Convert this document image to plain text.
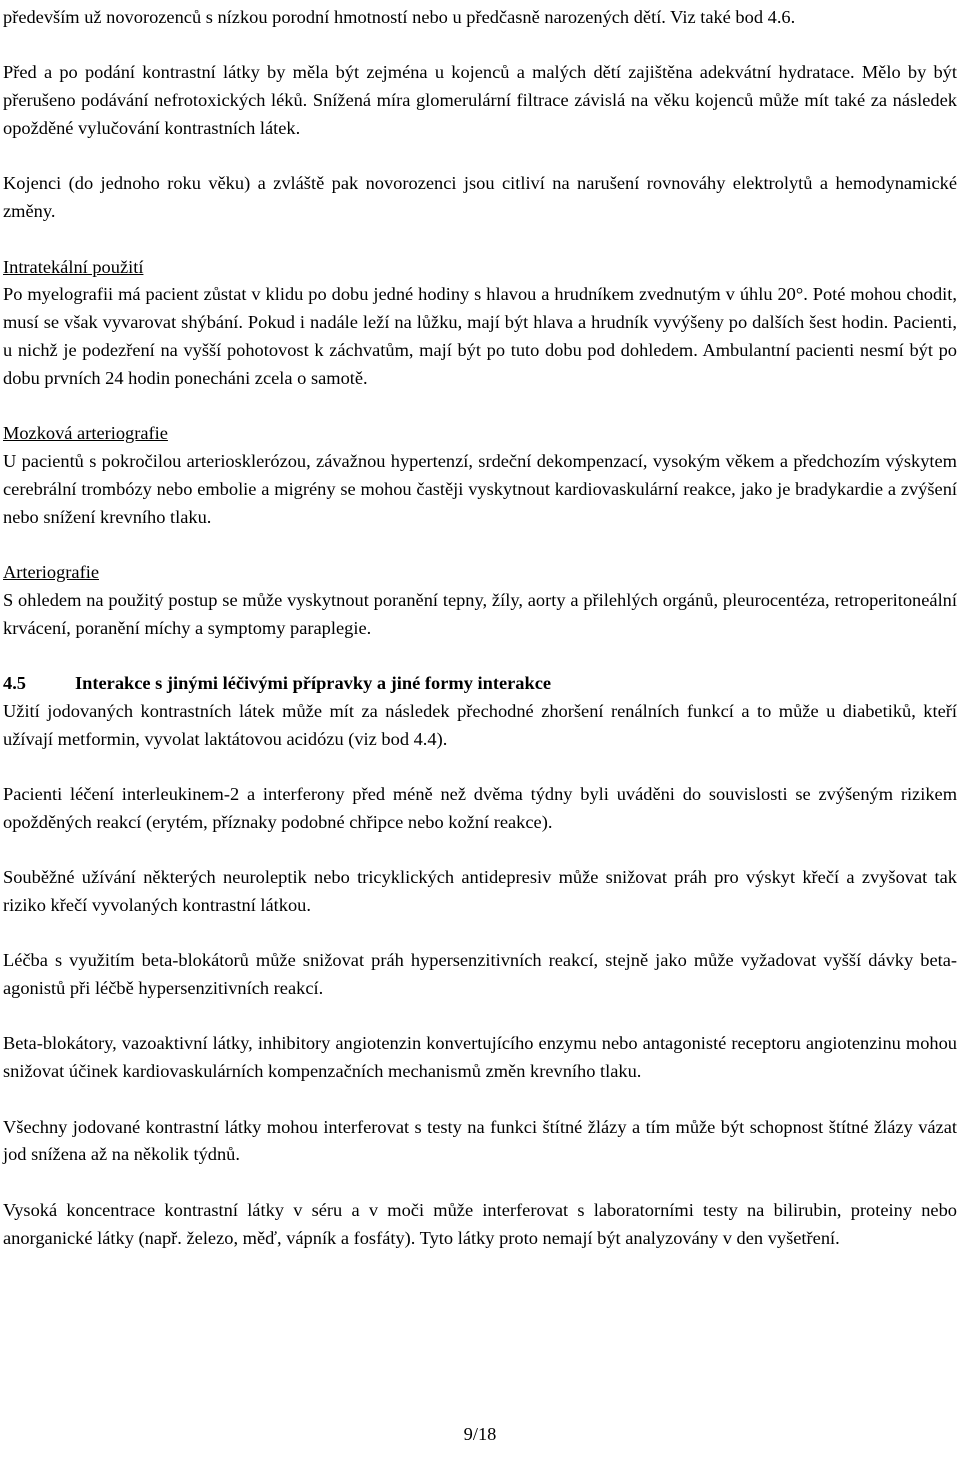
především už novorozenců s nízkou porodní hmotností nebo u předčasně narozených dětí. Viz také bod 4.6.

Před a po podání kontrastní látky by měla být zejména u kojenců a malých dětí zajištěna adekvátní hydratace. Mělo by být přerušeno podávání nefrotoxických léků. Snížená míra glomerulární filtrace závislá na věku kojenců může mít také za následek opožděné vylučování kontrastních látek.

Kojenci (do jednoho roku věku) a zvláště pak novorozenci jsou citliví na narušení rovnováhy elektrolytů a hemodynamické změny.

Intratekální použití

Po myelografii má pacient zůstat v klidu po dobu jedné hodiny s hlavou a hrudníkem zvednutým v úhlu 20°. Poté mohou chodit, musí se však vyvarovat shýbání. Pokud i nadále leží na lůžku, mají být hlava a hrudník vyvýšeny po dalších šest hodin. Pacienti, u nichž je podezření na vyšší pohotovost k záchvatům, mají být po tuto dobu pod dohledem. Ambulantní pacienti nesmí být po dobu prvních 24 hodin ponecháni zcela o samotě.

Mozková arteriografie

U pacientů s pokročilou arteriosklerózou, závažnou hypertenzí, srdeční dekompenzací, vysokým věkem a předchozím výskytem cerebrální trombózy nebo embolie a migrény se mohou častěji vyskytnout kardiovaskulární reakce, jako je bradykardie a zvýšení nebo snížení krevního tlaku.

Arteriografie

S ohledem na použitý postup se může vyskytnout poranění tepny, žíly, aorty a přilehlých orgánů, pleurocentéza, retroperitoneální krvácení, poranění míchy a symptomy paraplegie.

4.5	Interakce s jinými léčivými přípravky a jiné formy interakce

Užití jodovaných kontrastních látek může mít za následek přechodné zhoršení renálních funkcí a to může u diabetiků, kteří užívají metformin, vyvolat laktátovou acidózu (viz bod 4.4).

Pacienti léčení interleukinem-2 a interferony před méně než dvěma týdny byli uváděni do souvislosti se zvýšeným rizikem opožděných reakcí (erytém, příznaky podobné chřipce nebo kožní reakce).

Souběžné užívání některých neuroleptik nebo tricyklických antidepresiv může snižovat práh pro výskyt křečí a zvyšovat tak riziko křečí vyvolaných kontrastní látkou.

Léčba s využitím beta-blokátorů může snižovat práh hypersenzitivních reakcí, stejně jako může vyžadovat vyšší dávky beta-agonistů při léčbě hypersenzitivních reakcí.

Beta-blokátory, vazoaktivní látky, inhibitory angiotenzin konvertujícího enzymu nebo antagonisté receptoru angiotenzinu mohou snižovat účinek kardiovaskulárních kompenzačních mechanismů změn krevního tlaku.

Všechny jodované kontrastní látky mohou interferovat s testy na funkci štítné žlázy a tím může být schopnost štítné žlázy vázat jod snížena až na několik týdnů.

Vysoká koncentrace kontrastní látky v séru a v moči může interferovat s laboratorními testy na bilirubin, proteiny nebo anorganické látky (např. železo, měď, vápník a fosfáty). Tyto látky proto nemají být analyzovány v den vyšetření.

9/18
